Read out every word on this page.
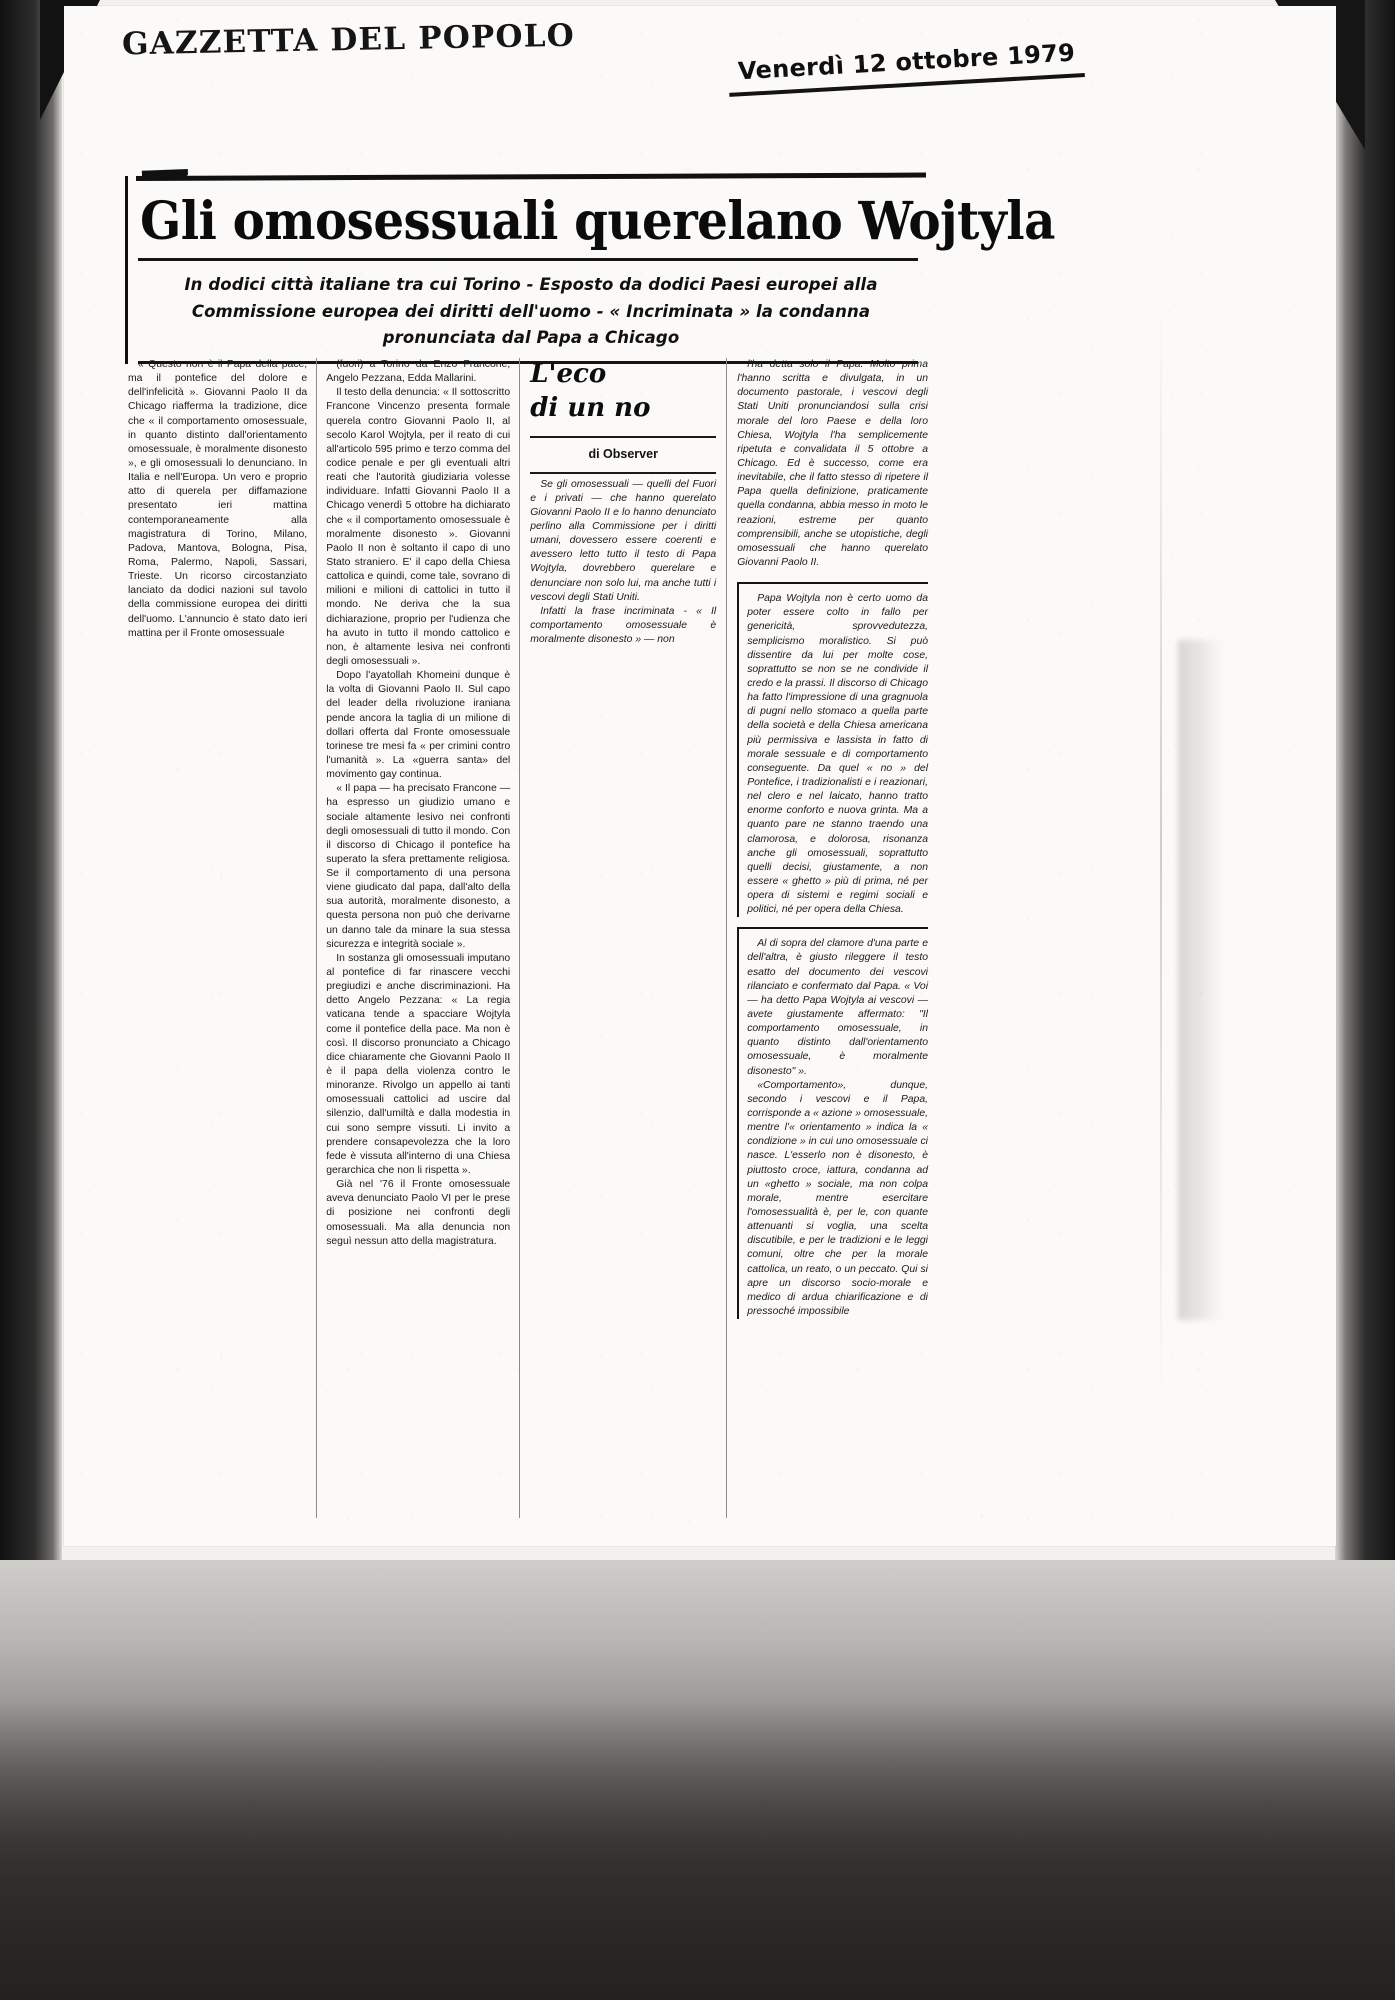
GAZZETTA DEL POPOLO	Venerdì 12 ottobre 1979
Gli omosessuali querelano Wojtyla
In dodici città italiane tra cui Torino - Esposto da dodici Paesi europei alla Commissione europea dei diritti dell'uomo - « Incriminata » la condanna pronunciata dal Papa a Chicago

« Questo non è il Papa della pace, ma il pontefice del dolore e dell'infelicità ». Giovanni Paolo II da Chicago riafferma la tradizione, dice che « il comportamento omosessuale, in quanto distinto dall'orientamento omosessuale, è moralmente disonesto », e gli omosessuali lo denunciano. In Italia e nell'Europa. Un vero e proprio atto di querela per diffamazione presentato ieri mattina contemporaneamente alla magistratura di Torino, Milano, Padova, Mantova, Bologna, Pisa, Roma, Palermo, Napoli, Sassari, Trieste. Un ricorso circostanziato lanciato da dodici nazioni sul tavolo della commissione europea dei diritti dell'uomo. L'annuncio è stato dato ieri mattina per il Fronte omosessuale

(fuori) a Torino da Enzo Francone, Angelo Pezzana, Edda Mallarini.

Il testo della denuncia: « Il sottoscritto Francone Vincenzo presenta formale querela contro Giovanni Paolo II, al secolo Karol Wojtyla, per il reato di cui all'articolo 595 primo e terzo comma del codice penale e per gli eventuali altri reati che l'autorità giudiziaria volesse individuare. Infatti Giovanni Paolo II a Chicago venerdì 5 ottobre ha dichiarato che « il comportamento omosessuale è moralmente disonesto ». Giovanni Paolo II non è soltanto il capo di uno Stato straniero. E' il capo della Chiesa cattolica e quindi, come tale, sovrano di milioni e milioni di cattolici in tutto il mondo. Ne deriva che la sua dichiarazione, proprio per l'udienza che ha avuto in tutto il mondo cattolico e non, è altamente lesiva nei confronti degli omosessuali ».

Dopo l'ayatollah Khomeini dunque è la volta di Giovanni Paolo II. Sul capo del leader della rivoluzione iraniana pende ancora la taglia di un milione di dollari offerta dal Fronte omosessuale torinese tre mesi fa « per crimini contro l'umanità ». La «guerra santa» del movimento gay continua.

« Il papa — ha precisato Francone — ha espresso un giudizio umano e sociale altamente lesivo nei confronti degli omosessuali di tutto il mondo. Con il discorso di Chicago il pontefice ha superato la sfera prettamente religiosa. Se il comportamento di una persona viene giudicato dal papa, dall'alto della sua autorità, moralmente disonesto, a questa persona non può che derivarne un danno tale da minare la sua stessa sicurezza e integrità sociale ».

In sostanza gli omosessuali imputano al pontefice di far rinascere vecchi pregiudizi e anche discriminazioni. Ha detto Angelo Pezzana: « La regia vaticana tende a spacciare Wojtyla come il pontefice della pace. Ma non è così. Il discorso pronunciato a Chicago dice chiaramente che Giovanni Paolo II è il papa della violenza contro le minoranze. Rivolgo un appello ai tanti omosessuali cattolici ad uscire dal silenzio, dall'umiltà e dalla modestia in cui sono sempre vissuti. Li invito a prendere consapevolezza che la loro fede è vissuta all'interno di una Chiesa gerarchica che non li rispetta ».

Già nel '76 il Fronte omosessuale aveva denunciato Paolo VI per le prese di posizione nei confronti degli omosessuali. Ma alla denuncia non seguì nessun atto della magistratura.

L'eco
di un no
di Observer

Se gli omosessuali — quelli del Fuori e i privati — che hanno querelato Giovanni Paolo II e lo hanno denunciato perlino alla Commissione per i diritti umani, dovessero essere coerenti e avessero letto tutto il testo di Papa Wojtyla, dovrebbero querelare e denunciare non solo lui, ma anche tutti i vescovi degli Stati Uniti.

Infatti la frase incriminata - « Il comportamento omosessuale è moralmente disonesto » — non

l'ha detta solo il Papa. Molto prima l'hanno scritta e divulgata, in un documento pastorale, i vescovi degli Stati Uniti pronunciandosi sulla crisi morale del loro Paese e della loro Chiesa, Wojtyla l'ha semplicemente ripetuta e convalidata il 5 ottobre a Chicago. Ed è successo, come era inevitabile, che il fatto stesso di ripetere il Papa quella definizione, praticamente quella condanna, abbia messo in moto le reazioni, estreme per quanto comprensibili, anche se utopistiche, degli omosessuali che hanno querelato Giovanni Paolo II.

Papa Wojtyla non è certo uomo da poter essere colto in fallo per genericità, sprovvedutezza, semplicismo moralistico. Si può dissentire da lui per molte cose, soprattutto se non se ne condivide il credo e la prassi. Il discorso di Chicago ha fatto l'impressione di una gragnuola di pugni nello stomaco a quella parte della società e della Chiesa americana più permissiva e lassista in fatto di morale sessuale e di comportamento conseguente. Da quel « no » del Pontefice, i tradizionalisti e i reazionari, nel clero e nel laicato, hanno tratto enorme conforto e nuova grinta. Ma a quanto pare ne stanno traendo una clamorosa, e dolorosa, risonanza anche gli omosessuali, soprattutto quelli decisi, giustamente, a non essere « ghetto » più di prima, né per opera di sistemi e regimi sociali e politici, né per opera della Chiesa.

Al di sopra del clamore d'una parte e dell'altra, è giusto rileggere il testo esatto del documento dei vescovi rilanciato e confermato dal Papa. « Voi — ha detto Papa Wojtyla ai vescovi — avete giustamente affermato: "Il comportamento omosessuale, in quanto distinto dall'orientamento omosessuale, è moralmente disonesto" ».

«Comportamento», dunque, secondo i vescovi e il Papa, corrisponde a « azione » omosessuale, mentre l'« orientamento » indica la « condizione » in cui uno omosessuale ci nasce. L'esserlo non è disonesto, è piuttosto croce, iattura, condanna ad un «ghetto » sociale, ma non colpa morale, mentre esercitare l'omosessualità è, per le, con quante attenuanti si voglia, una scelta discutibile, e per le tradizioni e le leggi comuni, oltre che per la morale cattolica, un reato, o un peccato. Qui si apre un discorso socio-morale e medico di ardua chiarificazione e di pressoché impossibile
